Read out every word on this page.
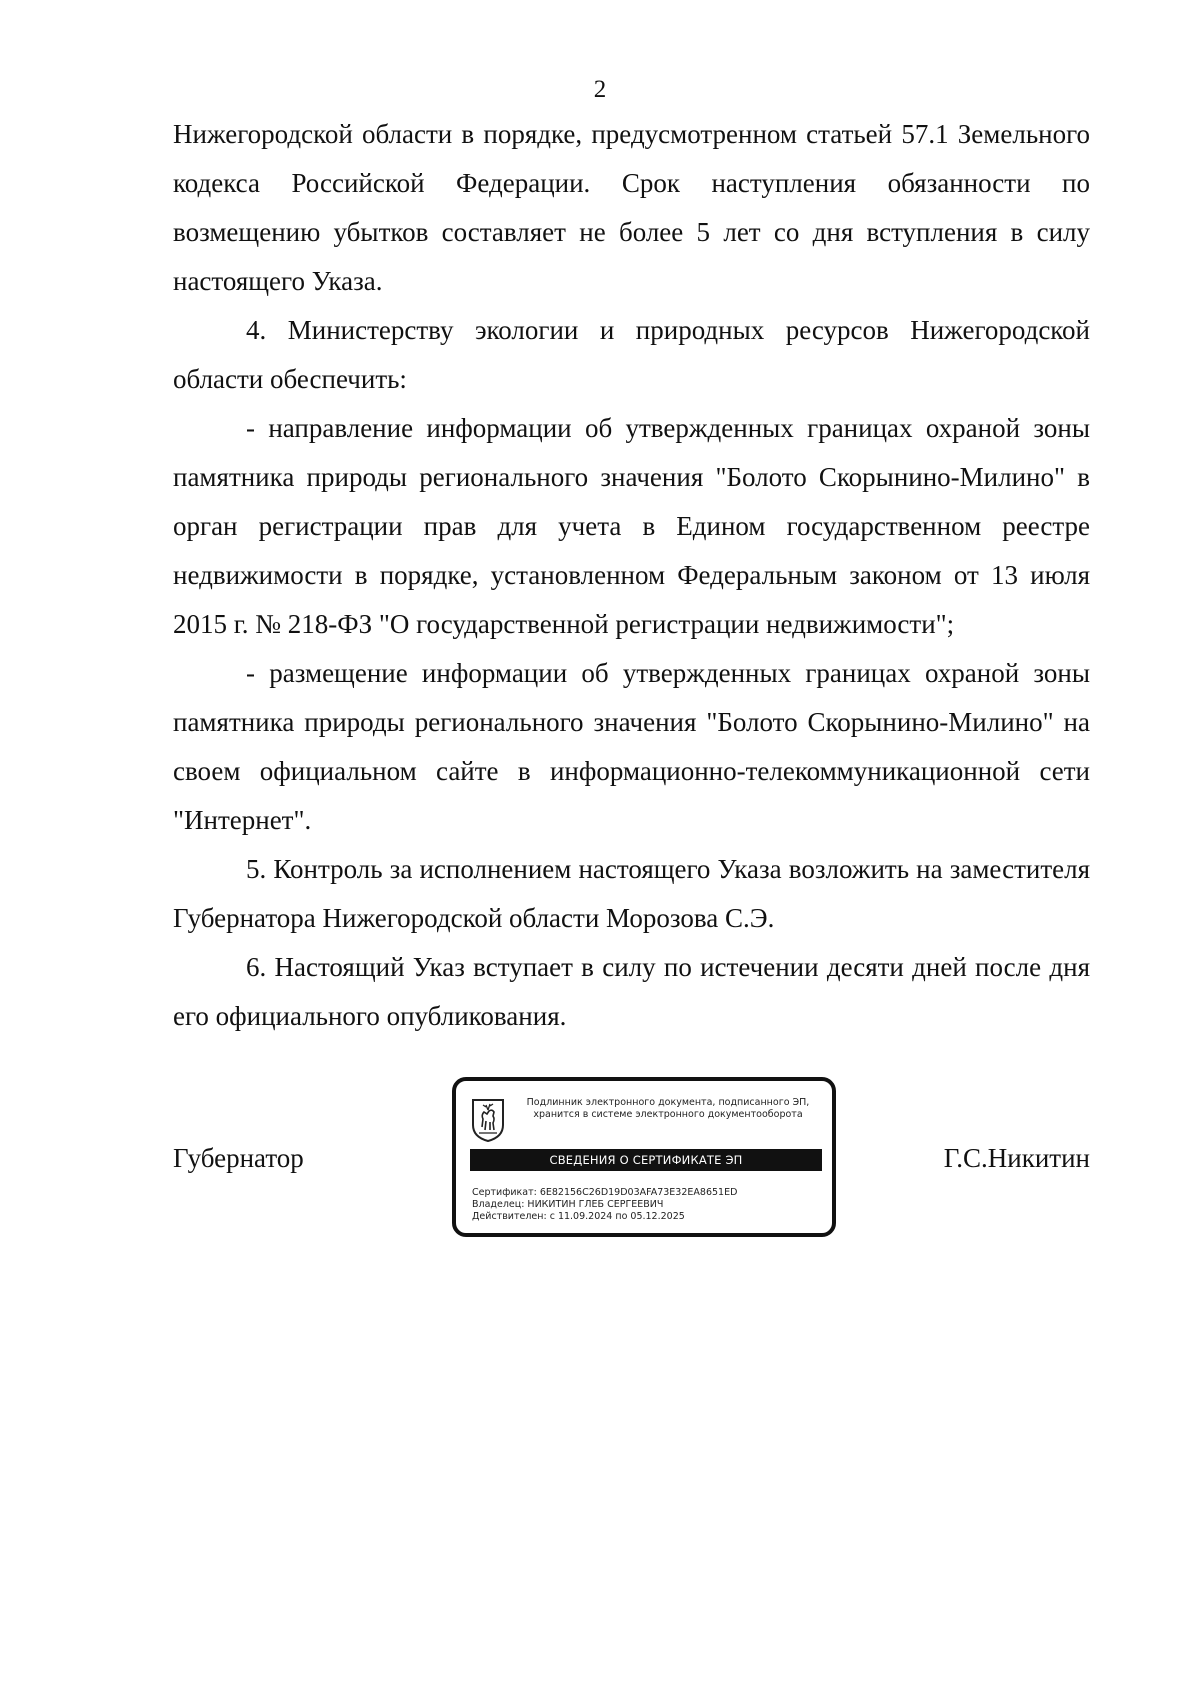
2

Нижегородской области в порядке, предусмотренном статьей 57.1 Земельного кодекса Российской Федерации. Срок наступления обязанности по возмещению убытков составляет не более 5 лет со дня вступления в силу настоящего Указа.

4. Министерству экологии и природных ресурсов Нижегородской области обеспечить:

- направление информации об утвержденных границах охраной зоны памятника природы регионального значения "Болото Скорынино-Милино" в орган регистрации прав для учета в Едином государственном реестре недвижимости в порядке, установленном Федеральным законом от 13 июля 2015 г. № 218-ФЗ "О государственной регистрации недвижимости";

- размещение информации об утвержденных границах охраной зоны памятника природы регионального значения "Болото Скорынино-Милино" на своем официальном сайте в информационно-телекоммуникационной сети "Интернет".

5. Контроль за исполнением настоящего Указа возложить на заместителя Губернатора Нижегородской области Морозова С.Э.

6. Настоящий Указ вступает в силу по истечении десяти дней после дня его официального опубликования.

Губернатор
Подлинник электронного документа, подписанного ЭП,
хранится в системе электронного документооборота
СВЕДЕНИЯ О СЕРТИФИКАТЕ ЭП
Сертификат: 6E82156C26D19D03AFA73E32EA8651ED
Владелец: НИКИТИН ГЛЕБ СЕРГЕЕВИЧ
Действителен: с 11.09.2024 по 05.12.2025
Г.С.Никитин
